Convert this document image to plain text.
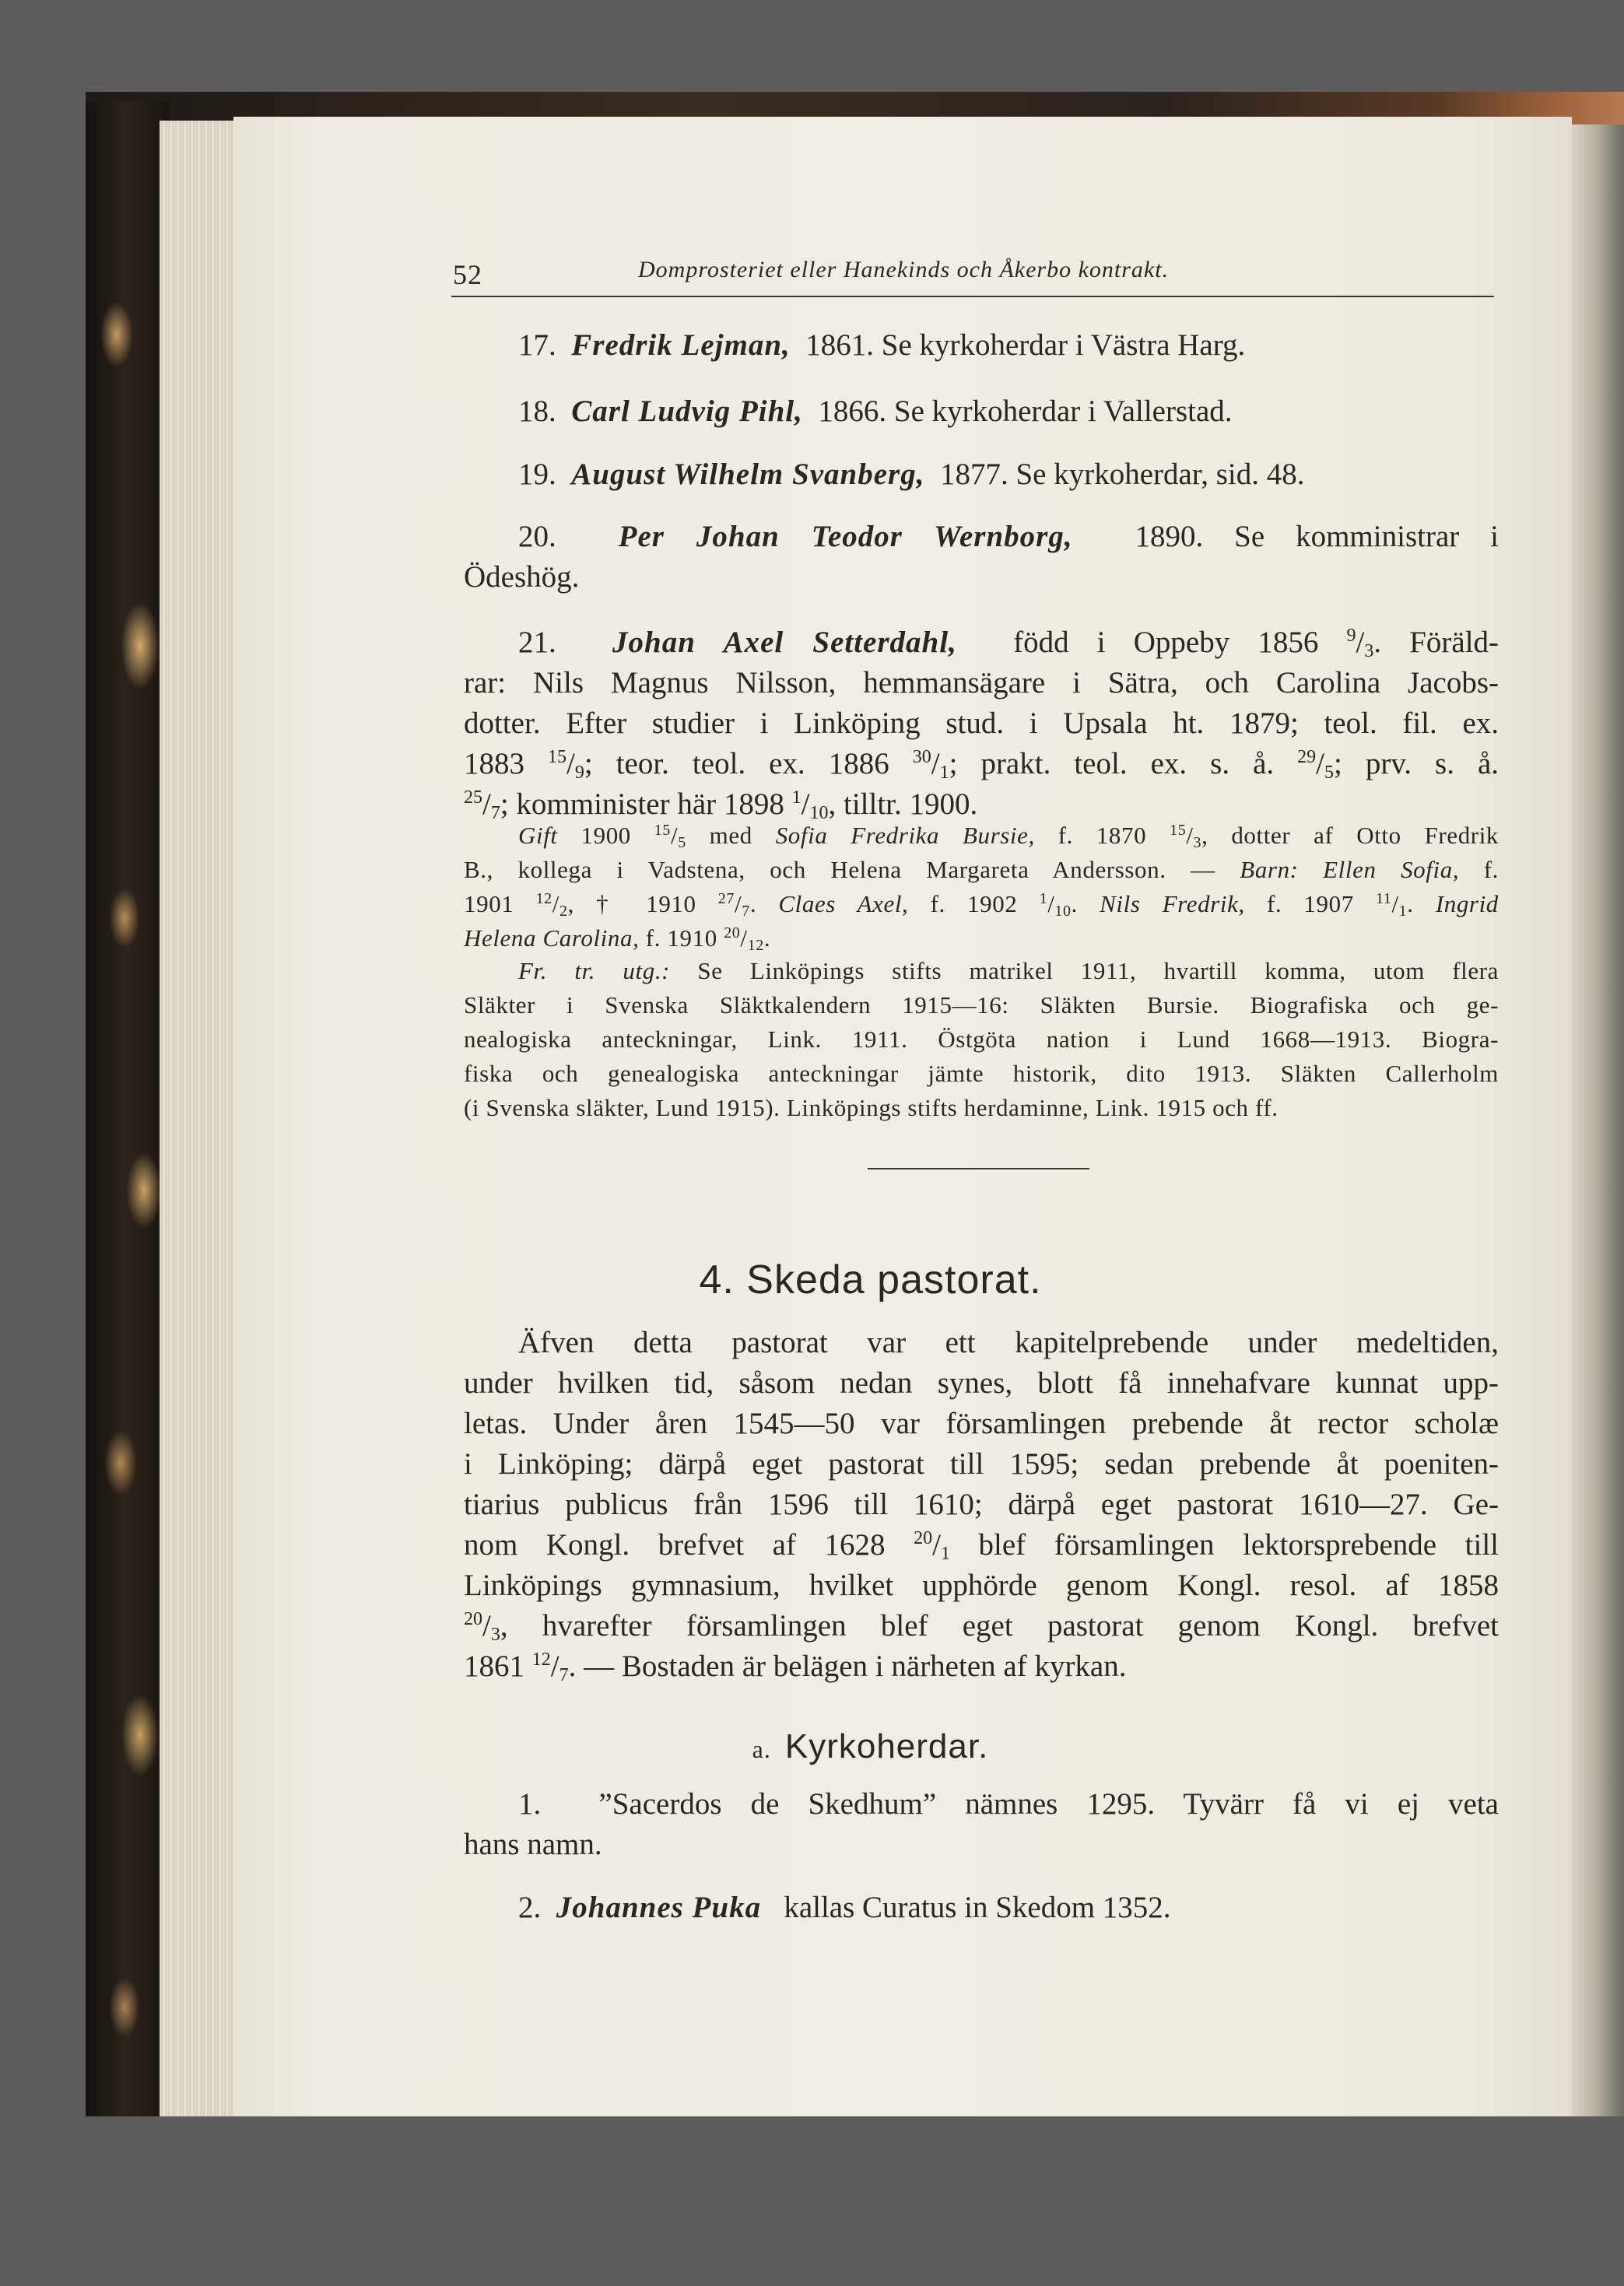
52	Domprosteriet eller Hanekinds och Åkerbo kontrakt.
17. Fredrik Lejman, 1861. Se kyrkoherdar i Västra Harg.
18. Carl Ludvig Pihl, 1866. Se kyrkoherdar i Vallerstad.
19. August Wilhelm Svanberg, 1877. Se kyrkoherdar, sid. 48.
20. Per Johan Teodor Wernborg, 1890. Se komministrar i
Ödeshög.
21. Johan Axel Setterdahl, född i Oppeby 1856 $^9/_3$. Föräld-
rar: Nils Magnus Nilsson, hemmansägare i Sätra, och Carolina Jacobs-
dotter. Efter studier i Linköping stud. i Upsala ht. 1879; teol. fil. ex.
1883 $^{15}/_9$; teor. teol. ex. 1886 $^{30}/_1$; prakt. teol. ex. s. å. $^{29}/_5$; prv. s. å.
$^{25}/_7$; komminister här 1898 $^1/_{10}$, tilltr. 1900.
Gift 1900 $^{15}/_5$ med Sofia Fredrika Bursie, f. 1870 $^{15}/_3$, dotter af Otto Fredrik
B., kollega i Vadstena, och Helena Margareta Andersson. — Barn: Ellen Sofia, f.
1901 $^{12}/_2$, † 1910 $^{27}/_7$. Claes Axel, f. 1902 $^1/_{10}$. Nils Fredrik, f. 1907 $^{11}/_1$. Ingrid
Helena Carolina, f. 1910 $^{20}/_{12}$.
Fr. tr. utg.: Se Linköpings stifts matrikel 1911, hvartill komma, utom flera
Släkter i Svenska Släktkalendern 1915—16: Släkten Bursie. Biografiska och ge-
nealogiska anteckningar, Link. 1911. Östgöta nation i Lund 1668—1913. Biogra-
fiska och genealogiska anteckningar jämte historik, dito 1913. Släkten Callerholm
(i Svenska släkter, Lund 1915). Linköpings stifts herdaminne, Link. 1915 och ff.
4. Skeda pastorat.
Äfven detta pastorat var ett kapitelprebende under medeltiden,
under hvilken tid, såsom nedan synes, blott få innehafvare kunnat upp-
letas. Under åren 1545—50 var församlingen prebende åt rector scholæ
i Linköping; därpå eget pastorat till 1595; sedan prebende åt poeniten-
tiarius publicus från 1596 till 1610; därpå eget pastorat 1610—27. Ge-
nom Kongl. brefvet af 1628 $^{20}/_1$ blef församlingen lektorsprebende till
Linköpings gymnasium, hvilket upphörde genom Kongl. resol. af 1858
$^{20}/_3$, hvarefter församlingen blef eget pastorat genom Kongl. brefvet
1861 $^{12}/_7$. — Bostaden är belägen i närheten af kyrkan.
a. Kyrkoherdar.
1. ”Sacerdos de Skedhum” nämnes 1295. Tyvärr få vi ej veta
hans namn.
2. Johannes Puka kallas Curatus in Skedom 1352.
